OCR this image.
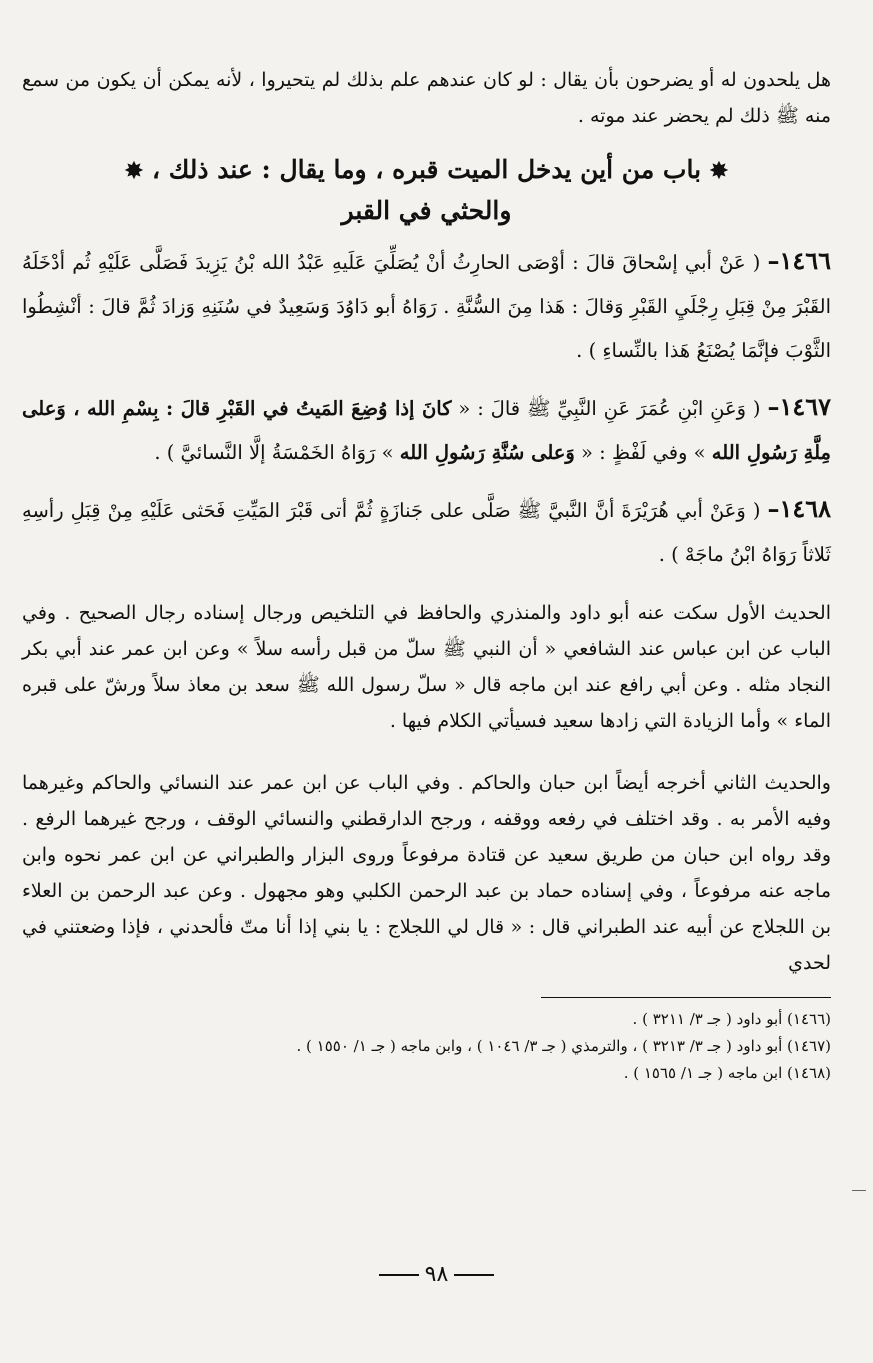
هل يلحدون له أو يضرحون بأن يقال : لو كان عندهم علم بذلك لم يتحيروا ، لأنه يمكن أن يكون من سمع منه ﷺ ذلك لم يحضر عند موته .

✸ باب من أين يدخل الميت قبره ، وما يقال : عند ذلك ، ✸
والحثي في القبر

١٤٦٦– ( عَنْ أبي إسْحاقَ قالَ : أوْصَى الحارِثُ أنْ يُصَلِّيَ عَلَيهِ عَبْدُ الله بْنُ يَزِيدَ فَصَلَّى عَلَيْهِ ثُم أدْخَلَهُ القَبْرَ مِنْ قِبَلِ رِجْلَيِ القَبْرِ وَقالَ : هَذا مِنَ السُّنَّةِ . رَوَاهُ أبو دَاوُدَ وَسَعِيدٌ في سُنَنِهِ وَزادَ ثُمَّ قالَ : أنْشِطُوا الثَّوْبَ فإنَّمَا يُصْنَعُ هَذا بالنِّساءِ ) .

١٤٦٧– ( وَعَنِ ابْنِ عُمَرَ عَنِ النَّبِيِّ ﷺ قالَ : « كانَ إذا وُضِعَ المَيتُ في القَبْرِ قالَ : بِسْمِ الله ، وَعلى مِلَّةِ رَسُولِ الله » وفي لَفْظٍ : « وَعلى سُنَّةِ رَسُولِ الله » رَوَاهُ الخَمْسَةُ إلَّا النَّسائيَّ ) .

١٤٦٨– ( وَعَنْ أبي هُرَيْرَةَ أنَّ النَّبيَّ ﷺ صَلَّى على جَنازَةٍ ثُمَّ أتى قَبْرَ المَيِّتِ فَحَثى عَلَيْهِ مِنْ قِبَلِ رأسِهِ ثَلاثاً رَوَاهُ ابْنُ ماجَهْ ) .

الحديث الأول سكت عنه أبو داود والمنذري والحافظ في التلخيص ورجال إسناده رجال الصحيح . وفي الباب عن ابن عباس عند الشافعي « أن النبي ﷺ سلّ من قبل رأسه سلاً » وعن ابن عمر عند أبي بكر النجاد مثله . وعن أبي رافع عند ابن ماجه قال « سلّ رسول الله ﷺ سعد بن معاذ سلاً ورشّ على قبره الماء » وأما الزيادة التي زادها سعيد فسيأتي الكلام فيها .

والحديث الثاني أخرجه أيضاً ابن حبان والحاكم . وفي الباب عن ابن عمر عند النسائي والحاكم وغيرهما وفيه الأمر به . وقد اختلف في رفعه ووقفه ، ورجح الدارقطني والنسائي الوقف ، ورجح غيرهما الرفع . وقد رواه ابن حبان من طريق سعيد عن قتادة مرفوعاً وروى البزار والطبراني عن ابن عمر نحوه وابن ماجه عنه مرفوعاً ، وفي إسناده حماد بن عبد الرحمن الكلبي وهو مجهول . وعن عبد الرحمن بن العلاء بن اللجلاج عن أبيه عند الطبراني قال : « قال لي اللجلاج : يا بني إذا أنا متّ فألحدني ، فإذا وضعتني في لحدي

(١٤٦٦) أبو داود ( جـ ٣/ ٣٢١١ ) .

(١٤٦٧) أبو داود ( جـ ٣/ ٣٢١٣ ) ، والترمذي ( جـ ٣/ ١٠٤٦ ) ، وابن ماجه ( جـ ١/ ١٥٥٠ ) .

(١٤٦٨) ابن ماجه ( جـ ١/ ١٥٦٥ ) .

٩٨
